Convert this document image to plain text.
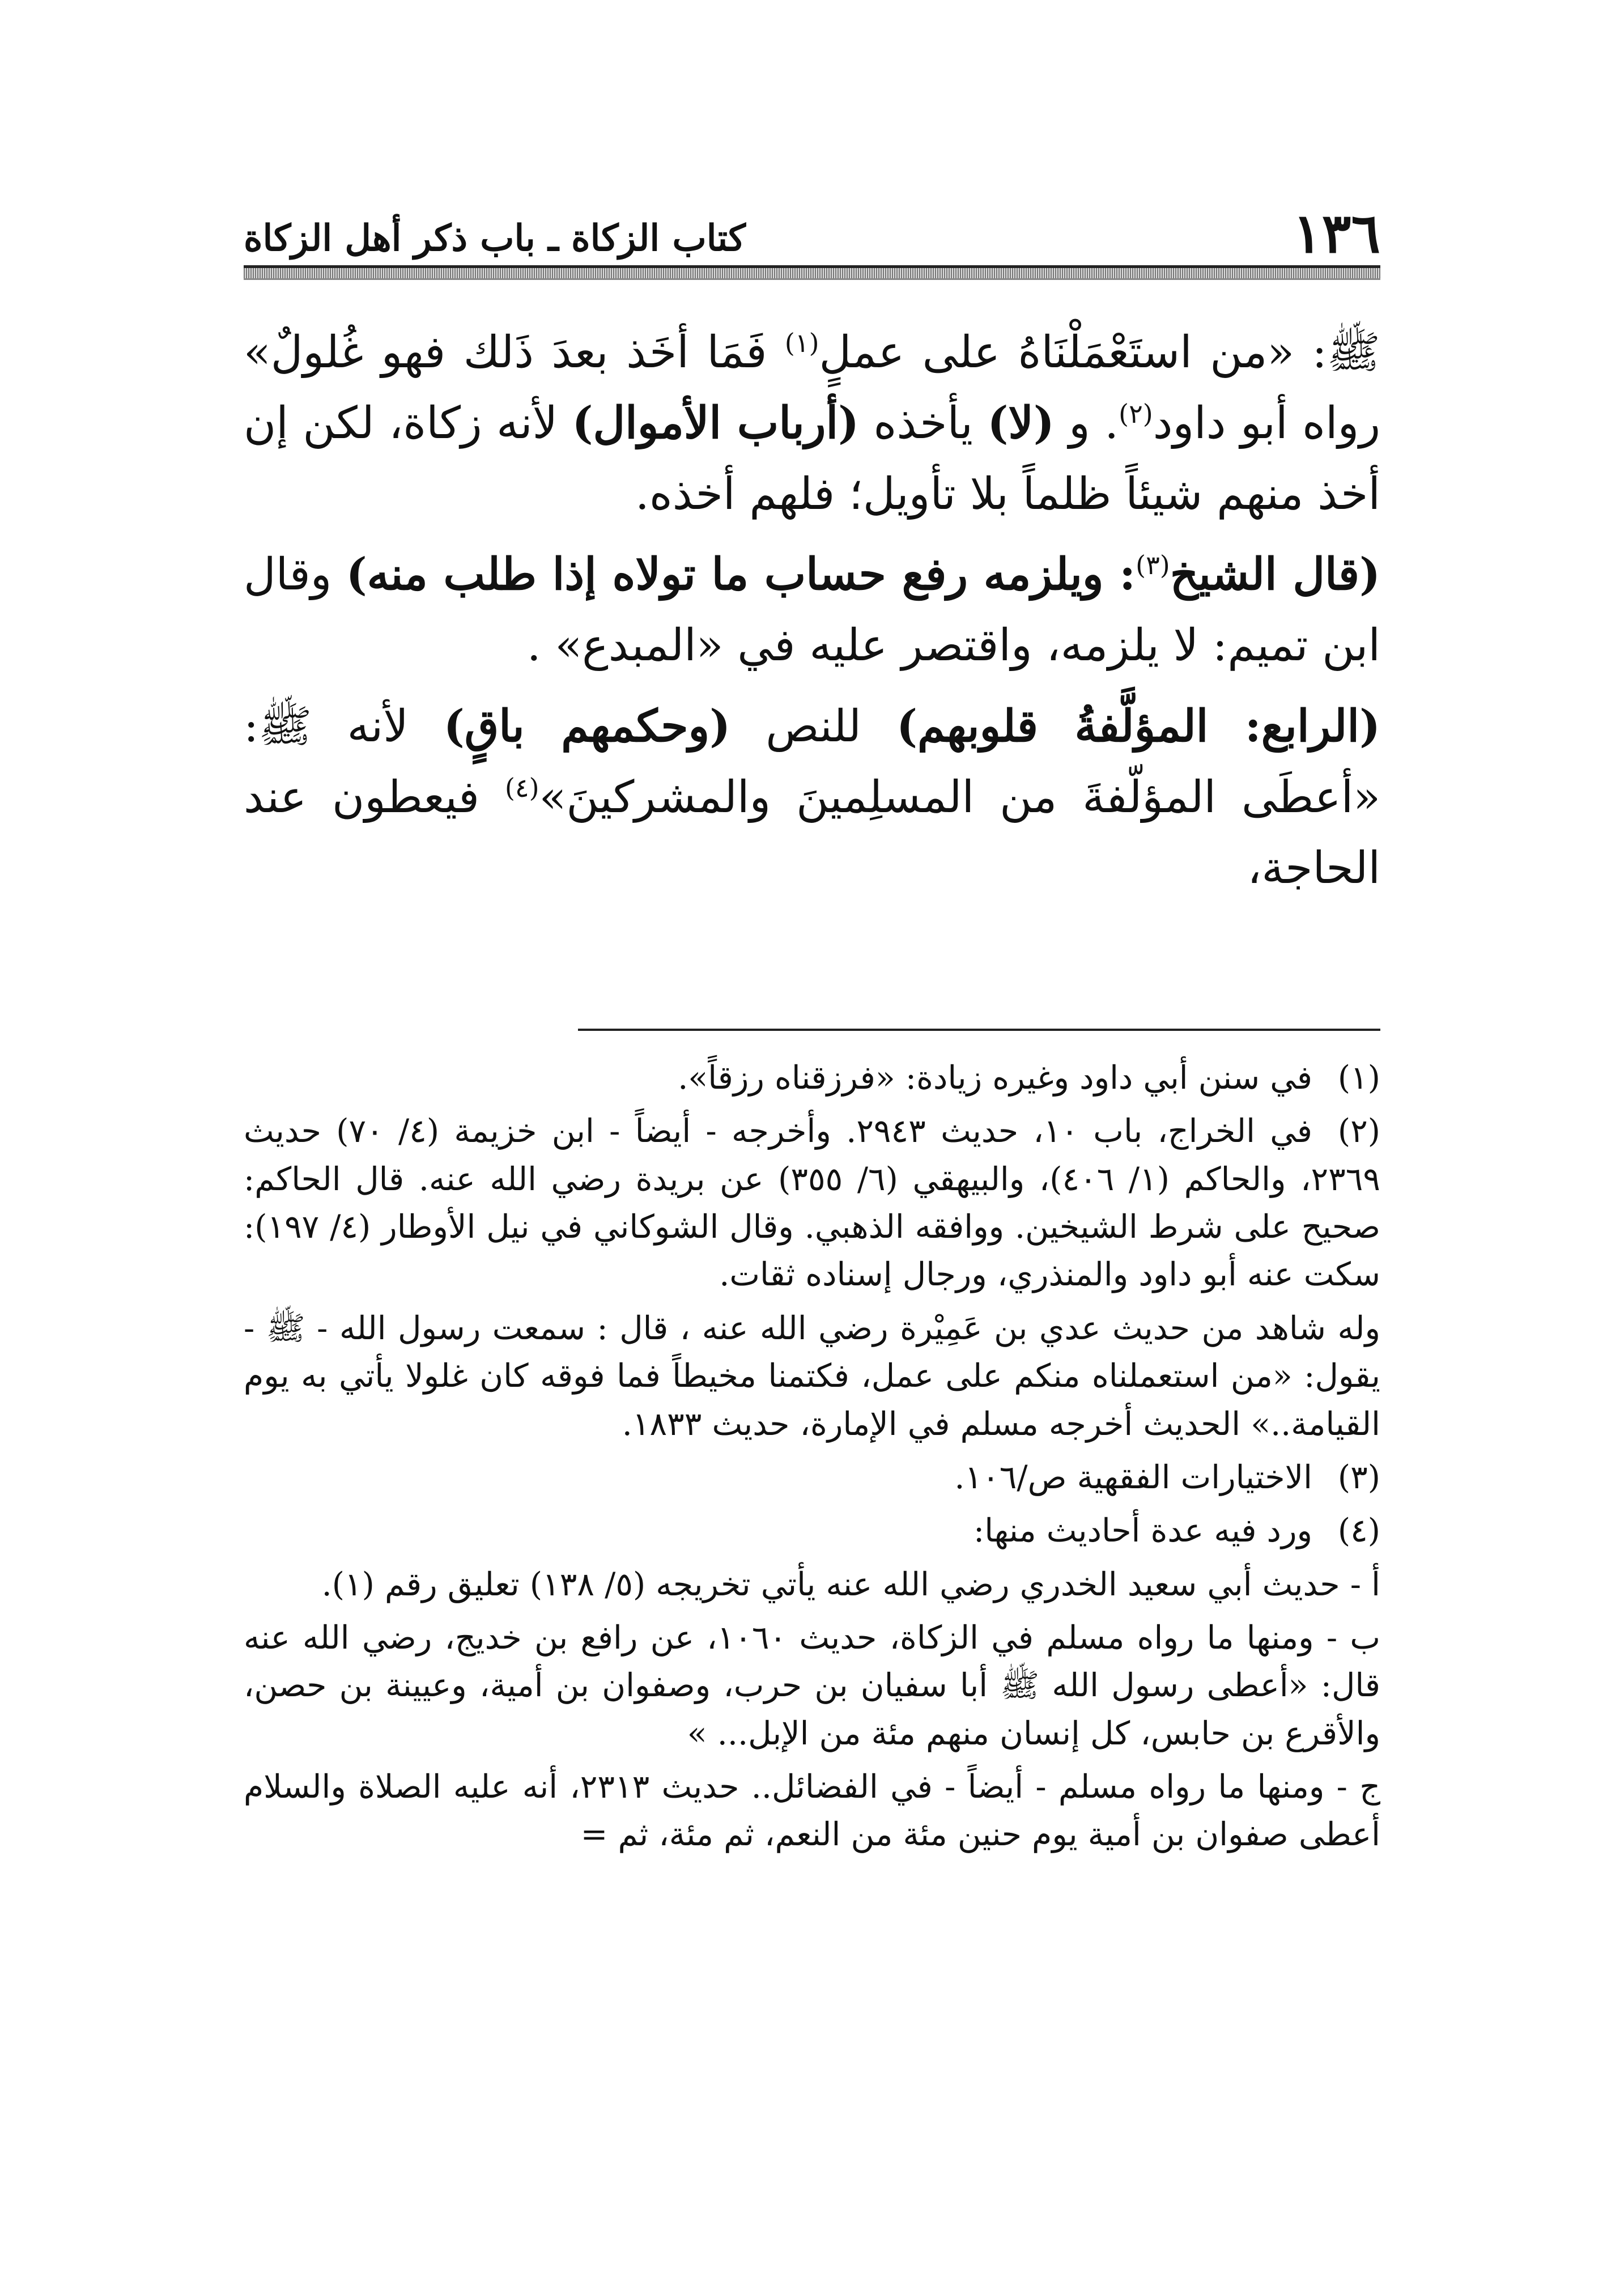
١٣٦
كتاب الزكاة ـ باب ذكر أهل الزكاة

ﷺ: «من استَعْمَلْنَاهُ على عملٍ$^{(١)}$ فَمَا أخَذ بعدَ ذَلك فهو غُلولٌ» رواه أبو داود$^{(٢)}$. و (لا) يأخذه (أرباب الأموال) لأنه زكاة، لكن إن أخذ منهم شيئاً ظلماً بلا تأويل؛ فلهم أخذه.

(قال الشيخ$^{(٣)}$: ويلزمه رفع حساب ما تولاه إذا طلب منه) وقال ابن تميم: لا يلزمه، واقتصر عليه في «المبدع» .

(الرابع: المؤلَّفةُ قلوبهم) للنص (وحكمهم باقٍ) لأنه ﷺ: «أعطَى المؤلّفةَ من المسلِمينَ والمشركينَ»$^{(٤)}$ فيعطون عند الحاجة،

(١)في سنن أبي داود وغيره زيادة: «فرزقناه رزقاً».

(٢)في الخراج، باب ١٠، حديث ٢٩٤٣. وأخرجه - أيضاً - ابن خزيمة (٤/ ٧٠) حديث ٢٣٦٩، والحاكم (١/ ٤٠٦)، والبيهقي (٦/ ٣٥٥) عن بريدة رضي الله عنه. قال الحاكم: صحيح على شرط الشيخين. ووافقه الذهبي. وقال الشوكاني في نيل الأوطار (٤/ ١٩٧): سكت عنه أبو داود والمنذري، ورجال إسناده ثقات.

وله شاهد من حديث عدي بن عَمِيْرة رضي الله عنه ، قال : سمعت رسول الله - ﷺ - يقول: «من استعملناه منكم على عمل، فكتمنا مخيطاً فما فوقه كان غلولا يأتي به يوم القيامة..» الحديث أخرجه مسلم في الإمارة، حديث ١٨٣٣.

(٣)الاختيارات الفقهية ص/١٠٦.

(٤)ورد فيه عدة أحاديث منها:

أ - حديث أبي سعيد الخدري رضي الله عنه يأتي تخريجه (٥/ ١٣٨) تعليق رقم (١).

ب - ومنها ما رواه مسلم في الزكاة، حديث ١٠٦٠، عن رافع بن خديج، رضي الله عنه قال: «أعطى رسول الله ﷺ أبا سفيان بن حرب، وصفوان بن أمية، وعيينة بن حصن، والأقرع بن حابس، كل إنسان منهم مئة من الإبل... »

ج - ومنها ما رواه مسلم - أيضاً - في الفضائل.. حديث ٢٣١٣، أنه عليه الصلاة والسلام أعطى صفوان بن أمية يوم حنين مئة من النعم، ثم مئة، ثم =
